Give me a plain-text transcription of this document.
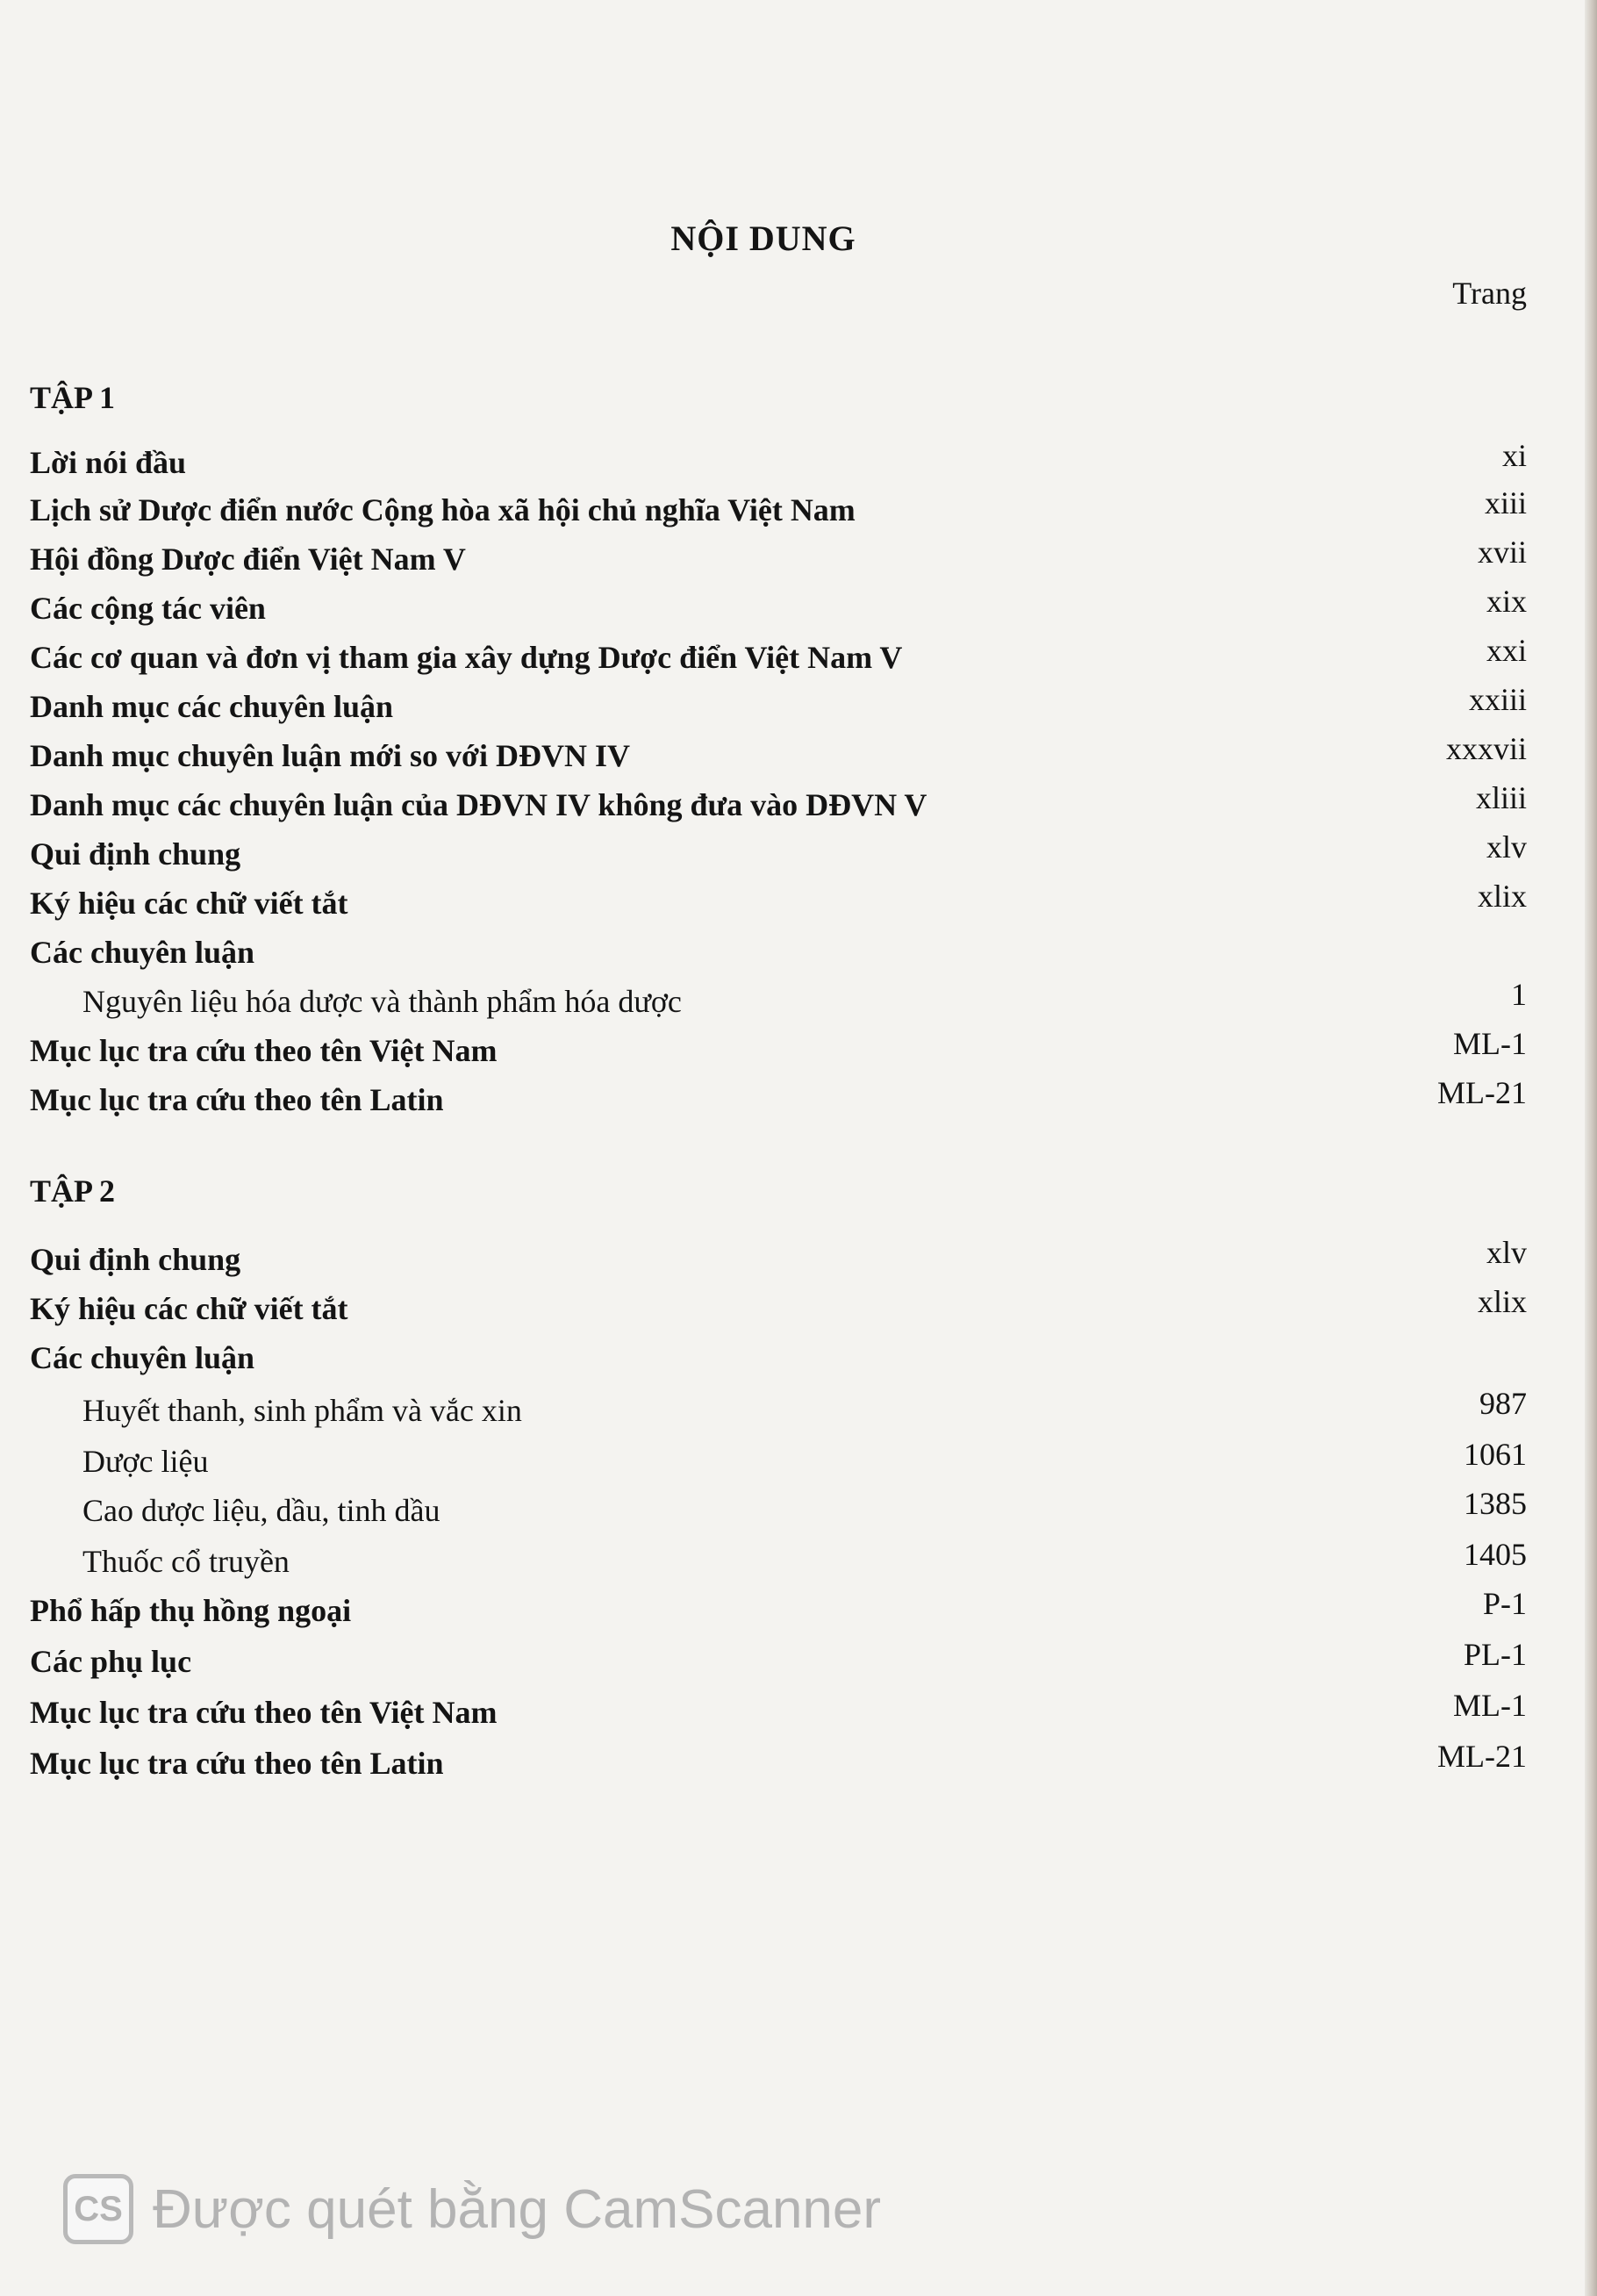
NỘI DUNG
Trang
TẬP 1
Lời nói đầu	xi
Lịch sử Dược điển nước Cộng hòa xã hội chủ nghĩa Việt Nam	xiii
Hội đồng Dược điển Việt Nam V	xvii
Các cộng tác viên	xix
Các cơ quan và đơn vị tham gia xây dựng Dược điển Việt Nam V	xxi
Danh mục các chuyên luận	xxiii
Danh mục chuyên luận mới so với DĐVN IV	xxxvii
Danh mục các chuyên luận của DĐVN IV không đưa vào DĐVN V	xliii
Qui định chung	xlv
Ký hiệu các chữ viết tắt	xlix
Các chuyên luận
Nguyên liệu hóa dược và thành phẩm hóa dược	1
Mục lục tra cứu theo tên Việt Nam	ML-1
Mục lục tra cứu theo tên Latin	ML-21
TẬP 2
Qui định chung	xlv
Ký hiệu các chữ viết tắt	xlix
Các chuyên luận
Huyết thanh, sinh phẩm và vắc xin	987
Dược liệu	1061
Cao dược liệu, dầu, tinh dầu	1385
Thuốc cổ truyền	1405
Phổ hấp thụ hồng ngoại	P-1
Các phụ lục	PL-1
Mục lục tra cứu theo tên Việt Nam	ML-1
Mục lục tra cứu theo tên Latin	ML-21
CS Được quét bằng CamScanner
